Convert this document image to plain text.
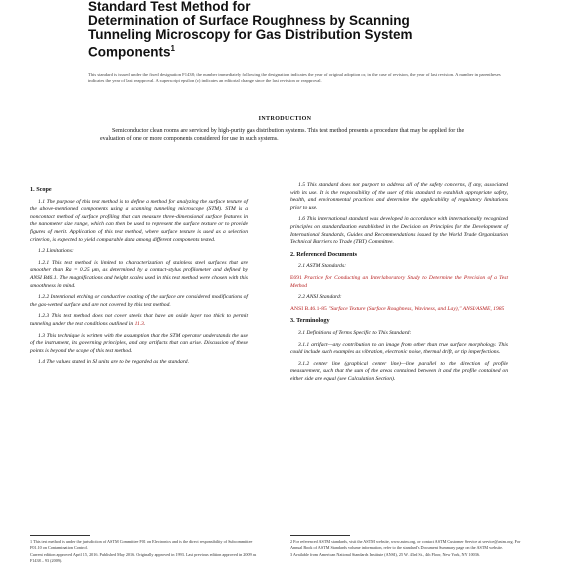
Standard Test Method for
Determination of Surface Roughness by Scanning
Tunneling Microscopy for Gas Distribution System
Components$^1$
This standard is issued under the fixed designation F1438; the number immediately following the designation indicates the year of original adoption or, in the case of revision, the year of last revision. A number in parentheses indicates the year of last reapproval. A superscript epsilon (ε) indicates an editorial change since the last revision or reapproval.
INTRODUCTION
Semiconductor clean rooms are serviced by high-purity gas distribution systems. This test method presents a procedure that may be applied for the evaluation of one or more components considered for use in such systems.
1. Scope

1.1 The purpose of this test method is to define a method for analyzing the surface texture of the above-mentioned components using a scanning tunneling microscope (STM). STM is a noncontact method of surface profiling that can measure three-dimensional surface features in the nanometer size range, which can then be used to represent the surface texture or to provide figures of merit. Application of this test method, where surface texture is used as a selection criterion, is expected to yield comparable data among different components tested.

1.2 Limitations:

1.2.1 This test method is limited to characterization of stainless steel surfaces that are smoother than Ra = 0.25 μm, as determined by a contact-stylus profilometer and defined by ANSI B46.1. The magnifications and height scales used in this test method were chosen with this smoothness in mind.

1.2.2 Intentional etching or conductive coating of the surface are considered modifications of the gas-wetted surface and are not covered by this test method.

1.2.3 This test method does not cover steels that have an oxide layer too thick to permit tunneling under the test conditions outlined in 11.3.

1.3 This technique is written with the assumption that the STM operator understands the use of the instrument, its governing principles, and any artifacts that can arise. Discussion of these points is beyond the scope of this test method.

1.4 The values stated in SI units are to be regarded as the standard.

1.5 This standard does not purport to address all of the safety concerns, if any, associated with its use. It is the responsibility of the user of this standard to establish appropriate safety, health, and environmental practices and determine the applicability of regulatory limitations prior to use.

1.6 This international standard was developed in accordance with internationally recognized principles on standardization established in the Decision on Principles for the Development of International Standards, Guides and Recommendations issued by the World Trade Organization Technical Barriers to Trade (TBT) Committee.

2. Referenced Documents

2.1 ASTM Standards:

E691 Practice for Conducting an Interlaboratory Study to Determine the Precision of a Test Method

2.2 ANSI Standard:

ANSI B.46.1-85 "Surface Texture (Surface Roughness, Waviness, and Lay)," ANSI/ASME, 1985

3. Terminology

3.1 Definitions of Terms Specific to This Standard:

3.1.1 artifact—any contribution to an image from other than true surface morphology. This could include such examples as vibration, electronic noise, thermal drift, or tip imperfections.

3.1.2 center line (graphical center line)—line parallel to the direction of profile measurement, such that the sum of the areas contained between it and the profile contained on either side are equal (see Calculation Section).

1 This test method is under the jurisdiction of ASTM Committee F01 on Electronics and is the direct responsibility of Subcommittee F01.10 on Contamination Control.

Current edition approved April 15, 2016. Published May 2016. Originally approved in 1993. Last previous edition approved in 2009 as F1438 – 93 (2009).

2 For referenced ASTM standards, visit the ASTM website, www.astm.org, or contact ASTM Customer Service at service@astm.org. For Annual Book of ASTM Standards volume information, refer to the standard's Document Summary page on the ASTM website.

3 Available from American National Standards Institute (ANSI), 25 W. 43rd St., 4th Floor, New York, NY 10036.
